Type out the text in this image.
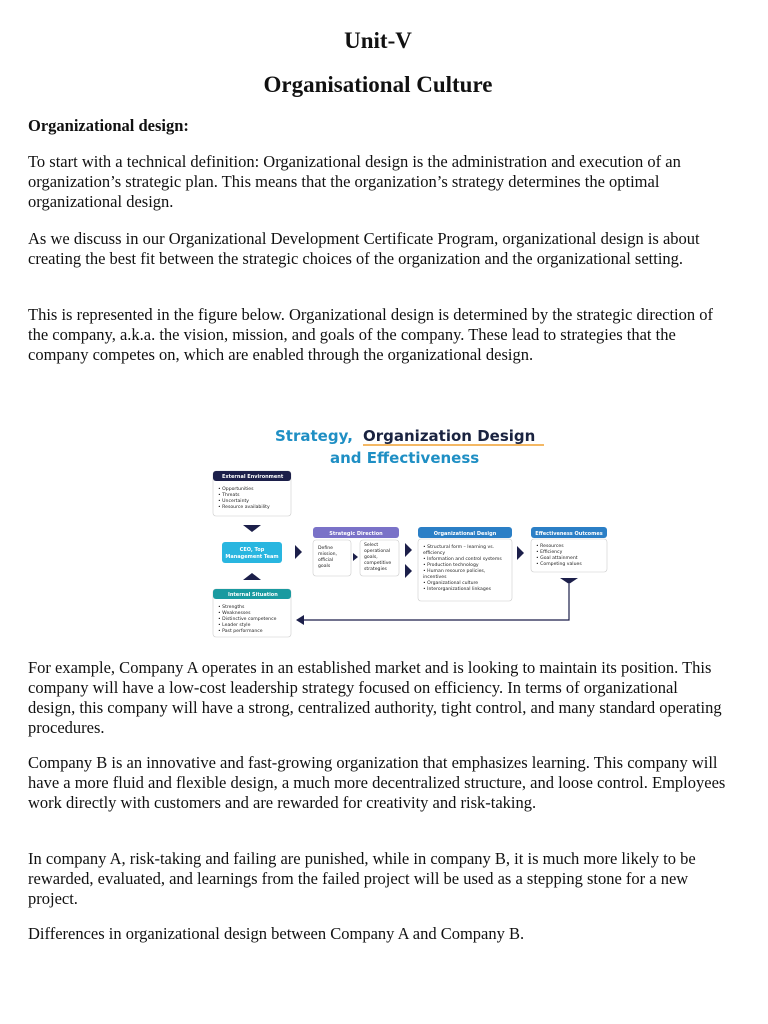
Unit-V
Organisational Culture

Organizational design:

To start with a technical definition: Organizational design is the administration and execution of an organization’s strategic plan. This means that the organization’s strategy determines the optimal organizational design.

As we discuss in our Organizational Development Certificate Program, organizational design is about creating the best fit between the strategic choices of the organization and the organizational setting.

This is represented in the figure below. Organizational design is determined by the strategic direction of the company, a.k.a. the vision, mission, and goals of the company. These lead to strategies that the company competes on, which are enabled through the organizational design.

Strategy, Organization Design
and Effectiveness
External Environment
• Opportunities
• Threats
• Uncertainty
• Resource availability
CEO, Top
Management Team
Internal Situation
• Strengths
• Weaknesses
• Distinctive competence
• Leader style
• Past performance
Strategic Direction
Define
mission,
official
goals
Select
operational
goals,
competitive
strategies
Organizational Design
• Structural form – learning vs.
efficiency
• Information and control systems
• Production technology
• Human resource policies,
incentives
• Organizational culture
• Interorganizational linkages
Effectiveness Outcomes
• Resources
• Efficiency
• Goal attainment
• Competing values

For example, Company A operates in an established market and is looking to maintain its position. This company will have a low-cost leadership strategy focused on efficiency. In terms of organizational design, this company will have a strong, centralized authority, tight control, and many standard operating procedures.

Company B is an innovative and fast-growing organization that emphasizes learning. This company will have a more fluid and flexible design, a much more decentralized structure, and loose control. Employees work directly with customers and are rewarded for creativity and risk-taking.

In company A, risk-taking and failing are punished, while in company B, it is much more likely to be rewarded, evaluated, and learnings from the failed project will be used as a stepping stone for a new project.

Differences in organizational design between Company A and Company B.
